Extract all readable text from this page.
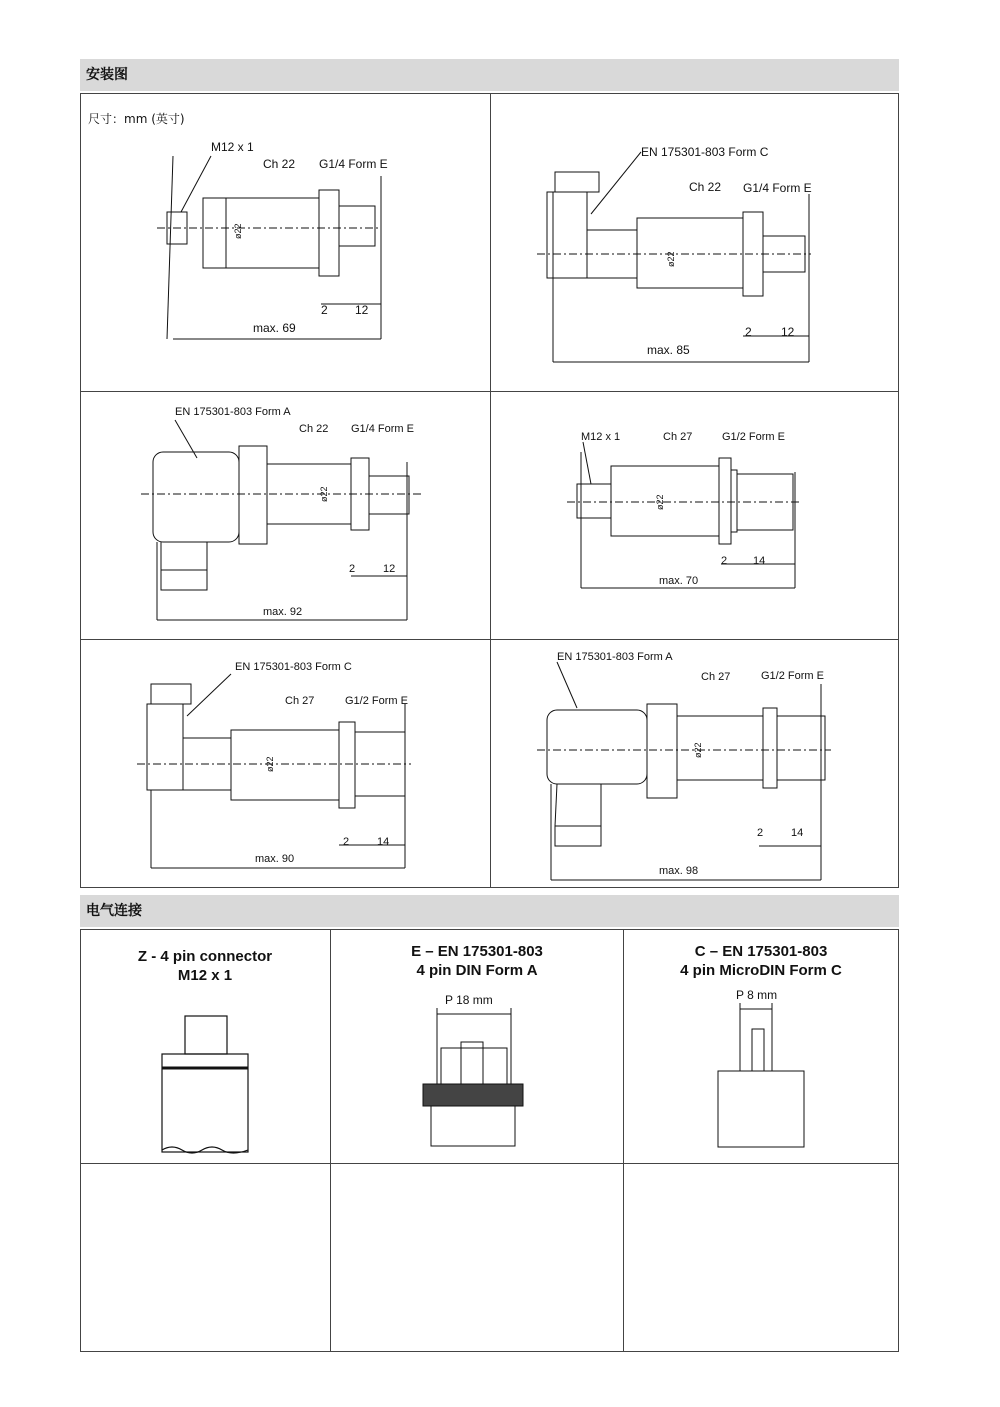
安装图
电气连接
尺寸：mm (英寸)
M12 x 1
Ch 22 G1/4 Form E
ø22
2 12
max. 69
EN 175301-803 Form C
Ch 22 G1/4 Form E
ø22
2 12
max. 85
EN 175301-803 Form A
Ch 22 G1/4 Form E
ø22
2	12
max. 92
M12 x 1	Ch 27	G1/2 Form E
ø22
2 14
max. 70
EN 175301-803 Form C
Ch 27	G1/2 Form E
ø22
2	14
max. 90
EN 175301-803 Form A
Ch 27	G1/2 Form E
ø22
2	14
max. 98
Z - 4 pin connector
M12 x 1
E – EN 175301-803
4 pin DIN Form A
C – EN 175301-803
4 pin MicroDIN Form C
P 18 mm	P 8 mm
